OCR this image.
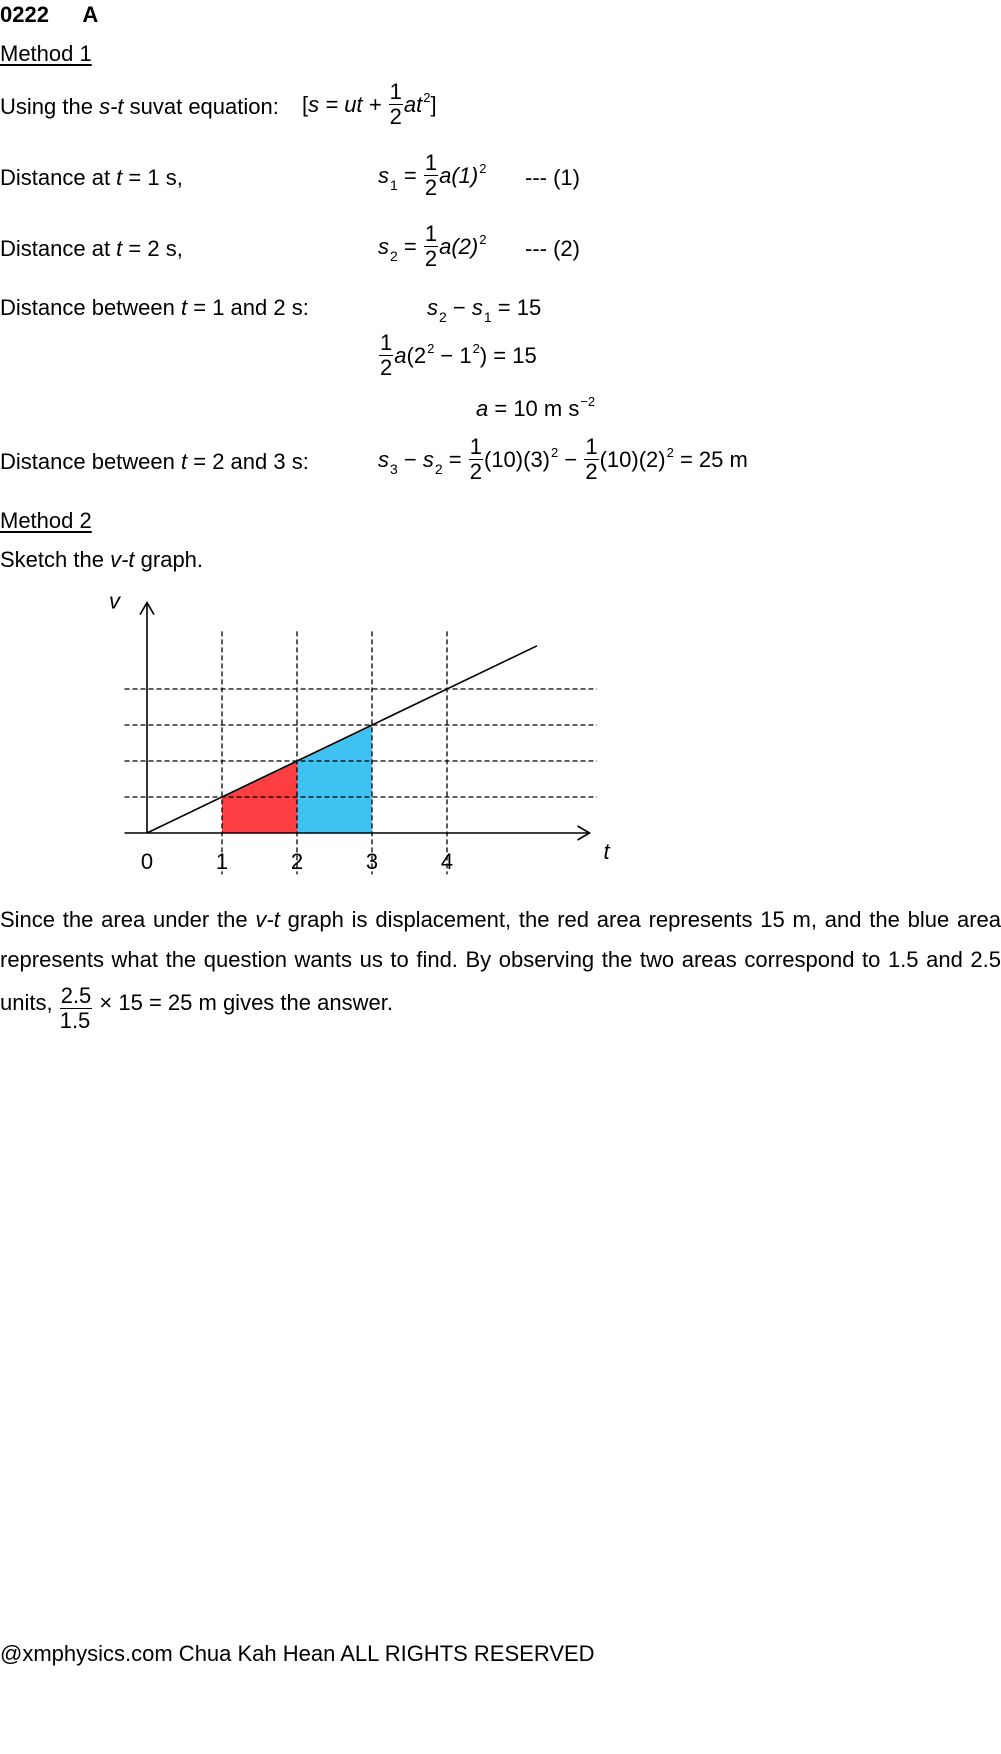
0222 A
Method 1
Using the s-t suvat equation: [s = ut + $\frac{1}{2} at^2$]
Distance at t = 1 s,	$s_1 = \frac{1}{2} a(1)^2$ --- (1)
Distance at t = 2 s,	$s_2 = \frac{1}{2} a(2)^2$ --- (2)
Distance between t = 1 and 2 s:	$s_2 - s_1 = 15$
$\frac{1}{2} a(2^2 - 1^2) = 15$
a = 10 m $s^{-2}$
Distance between t = 2 and 3 s:	$s_3 - s_2 = \frac{1}{2} (10)(3)^2 - \frac{1}{2} (10)(2)^2 = 25$ m
Method 2
Sketch the v-t graph.
0	1	2	3	4	t
v
Since the area under the v-t graph is displacement, the red area represents 15 m, and the blue area represents what the question wants us to find. By observing the two areas correspond to 1.5 and 2.5 units, $\frac{2.5}{1.5} \times 15 = 25$ m gives the answer.
@xmphysics.com Chua Kah Hean ALL RIGHTS RESERVED
